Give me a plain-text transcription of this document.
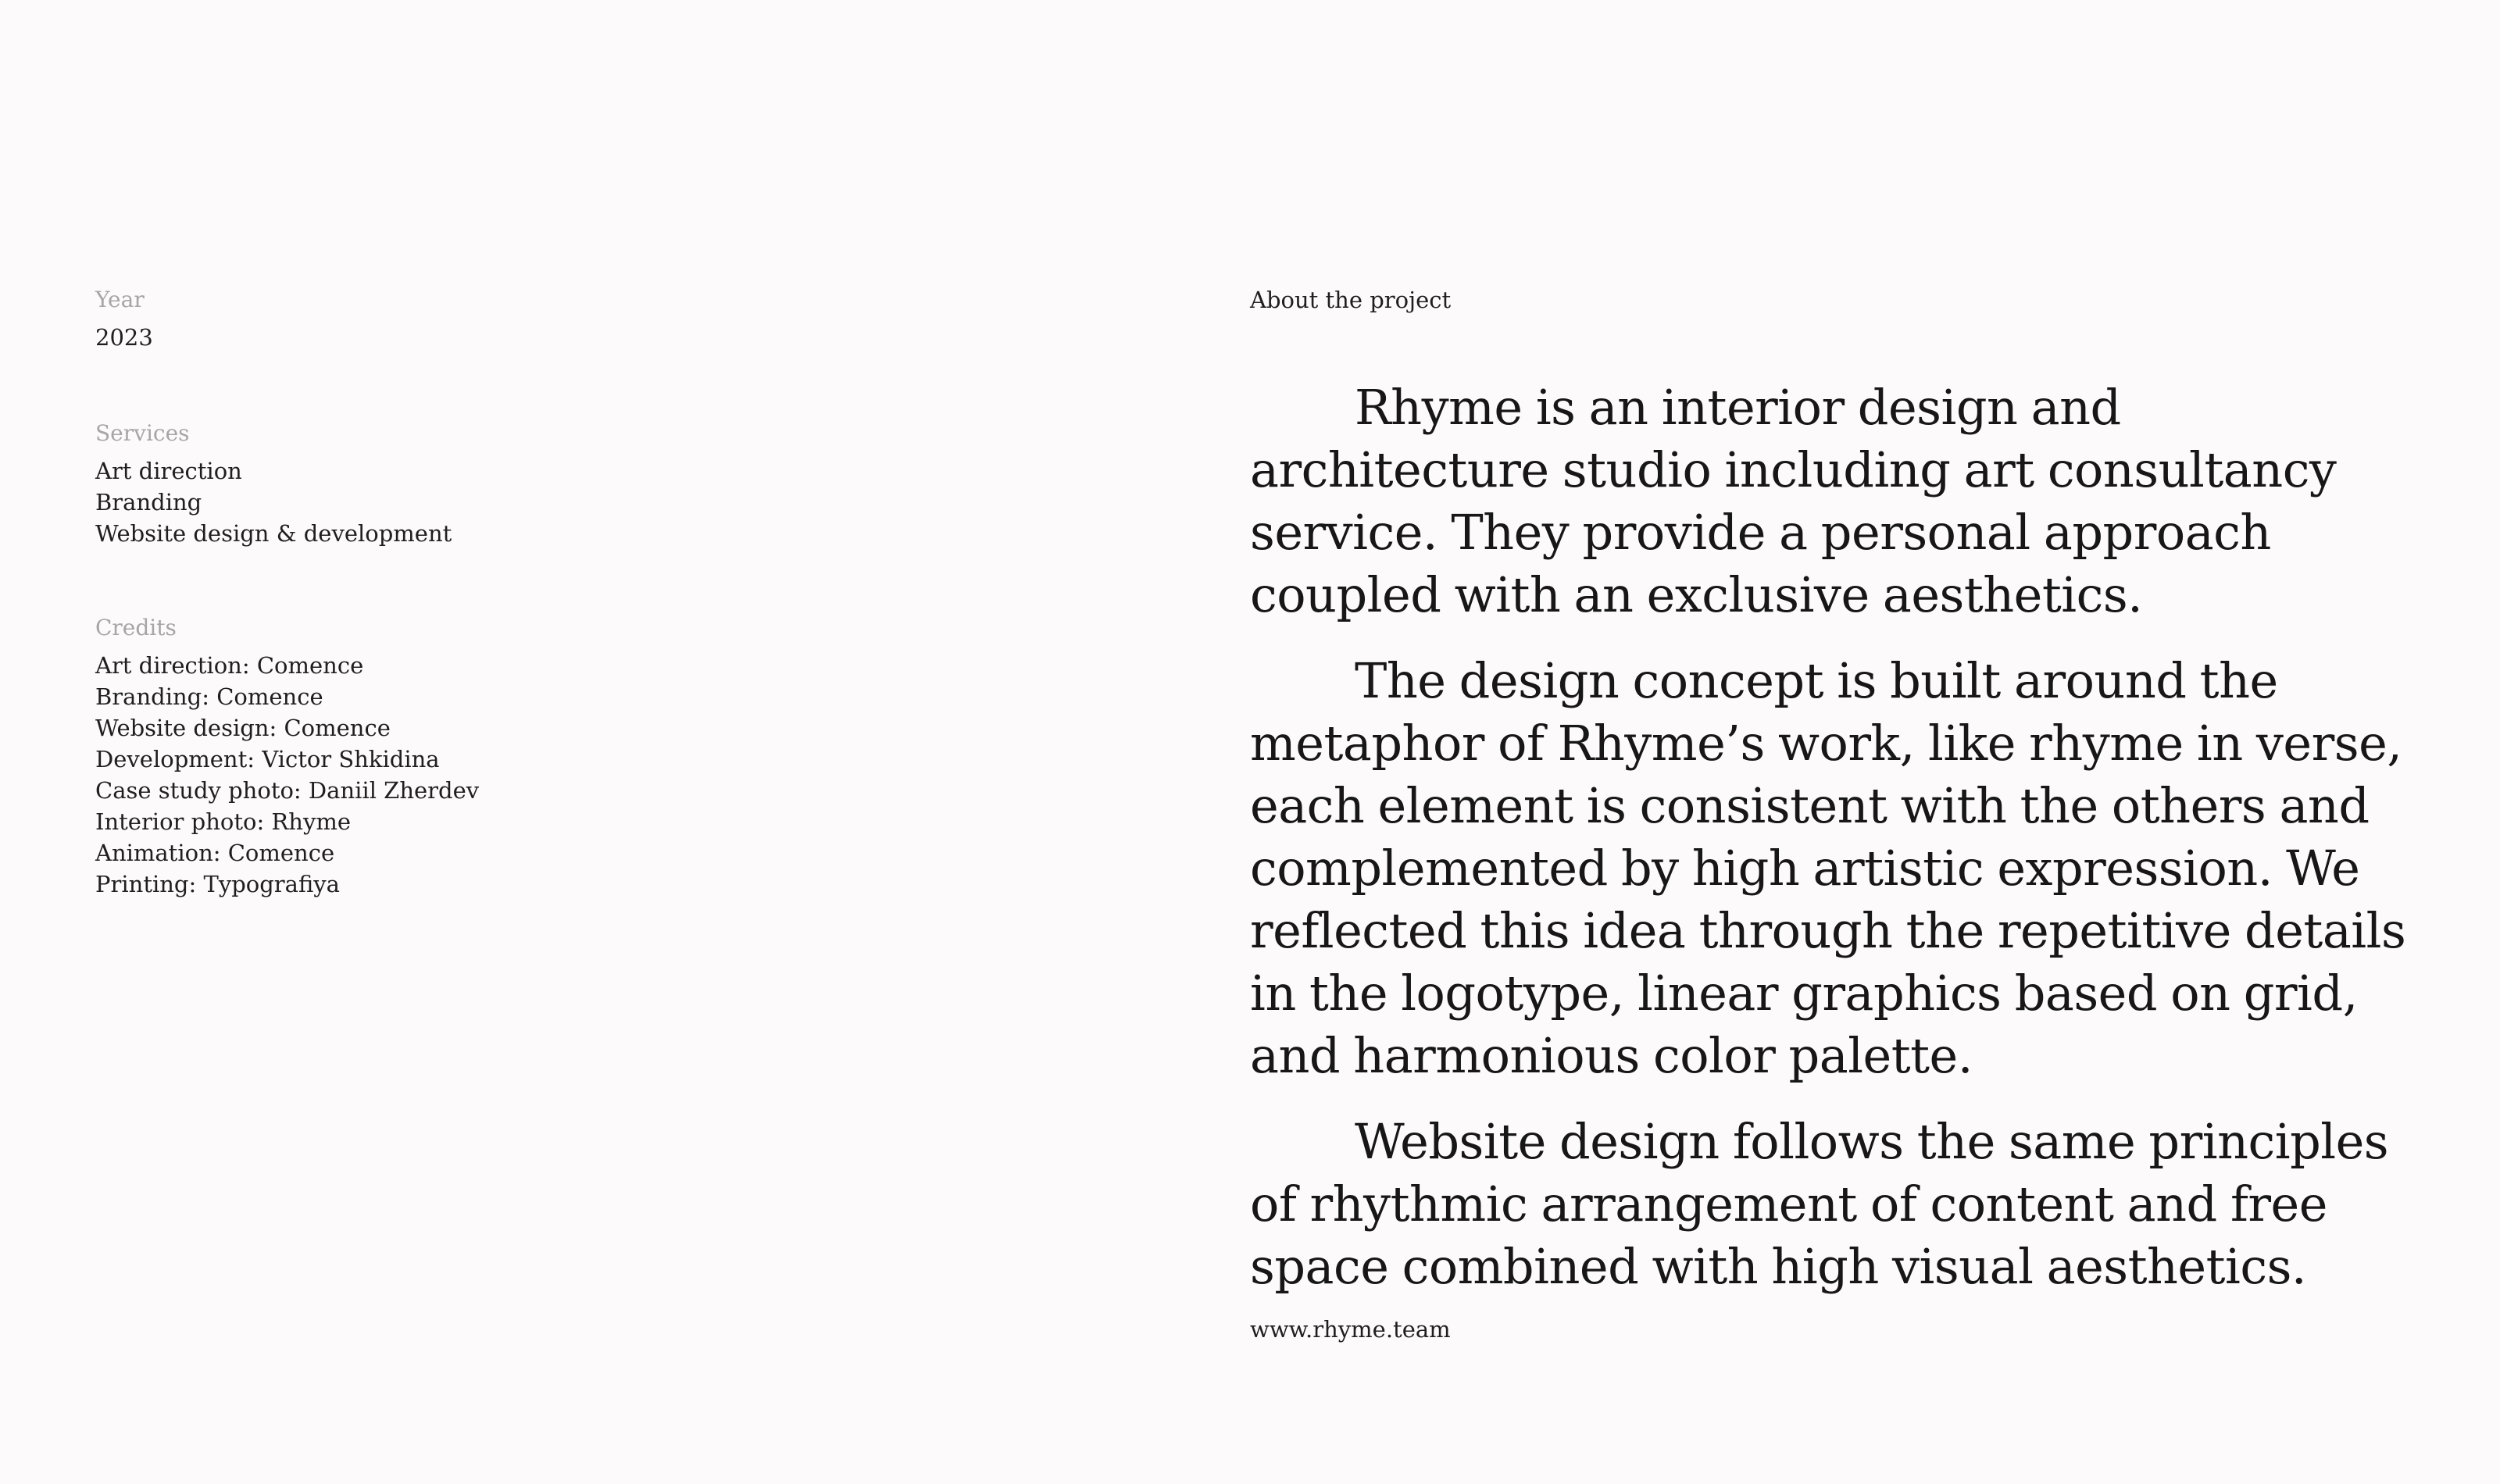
Year
2023
Services
Art direction
Branding
Website design & development
Credits
Art direction: Comence
Branding: Comence
Website design: Comence
Development: Victor Shkidina
Case study photo: Daniil Zherdev
Interior photo: Rhyme
Animation: Comence
Printing: Typografiya
About the project

Rhyme is an interior design and architecture studio including art consultancy service. They provide a personal approach coupled with an exclusive aesthetics.

The design concept is built around the metaphor of Rhyme’s work, like rhyme in verse, each element is consistent with the others and complemented by high artistic expression. We reflected this idea through the repetitive details in the logotype, linear graphics based on grid, and harmonious color palette.

Website design follows the same principles of rhythmic arrangement of content and free space combined with high visual aesthetics.

www.rhyme.team
